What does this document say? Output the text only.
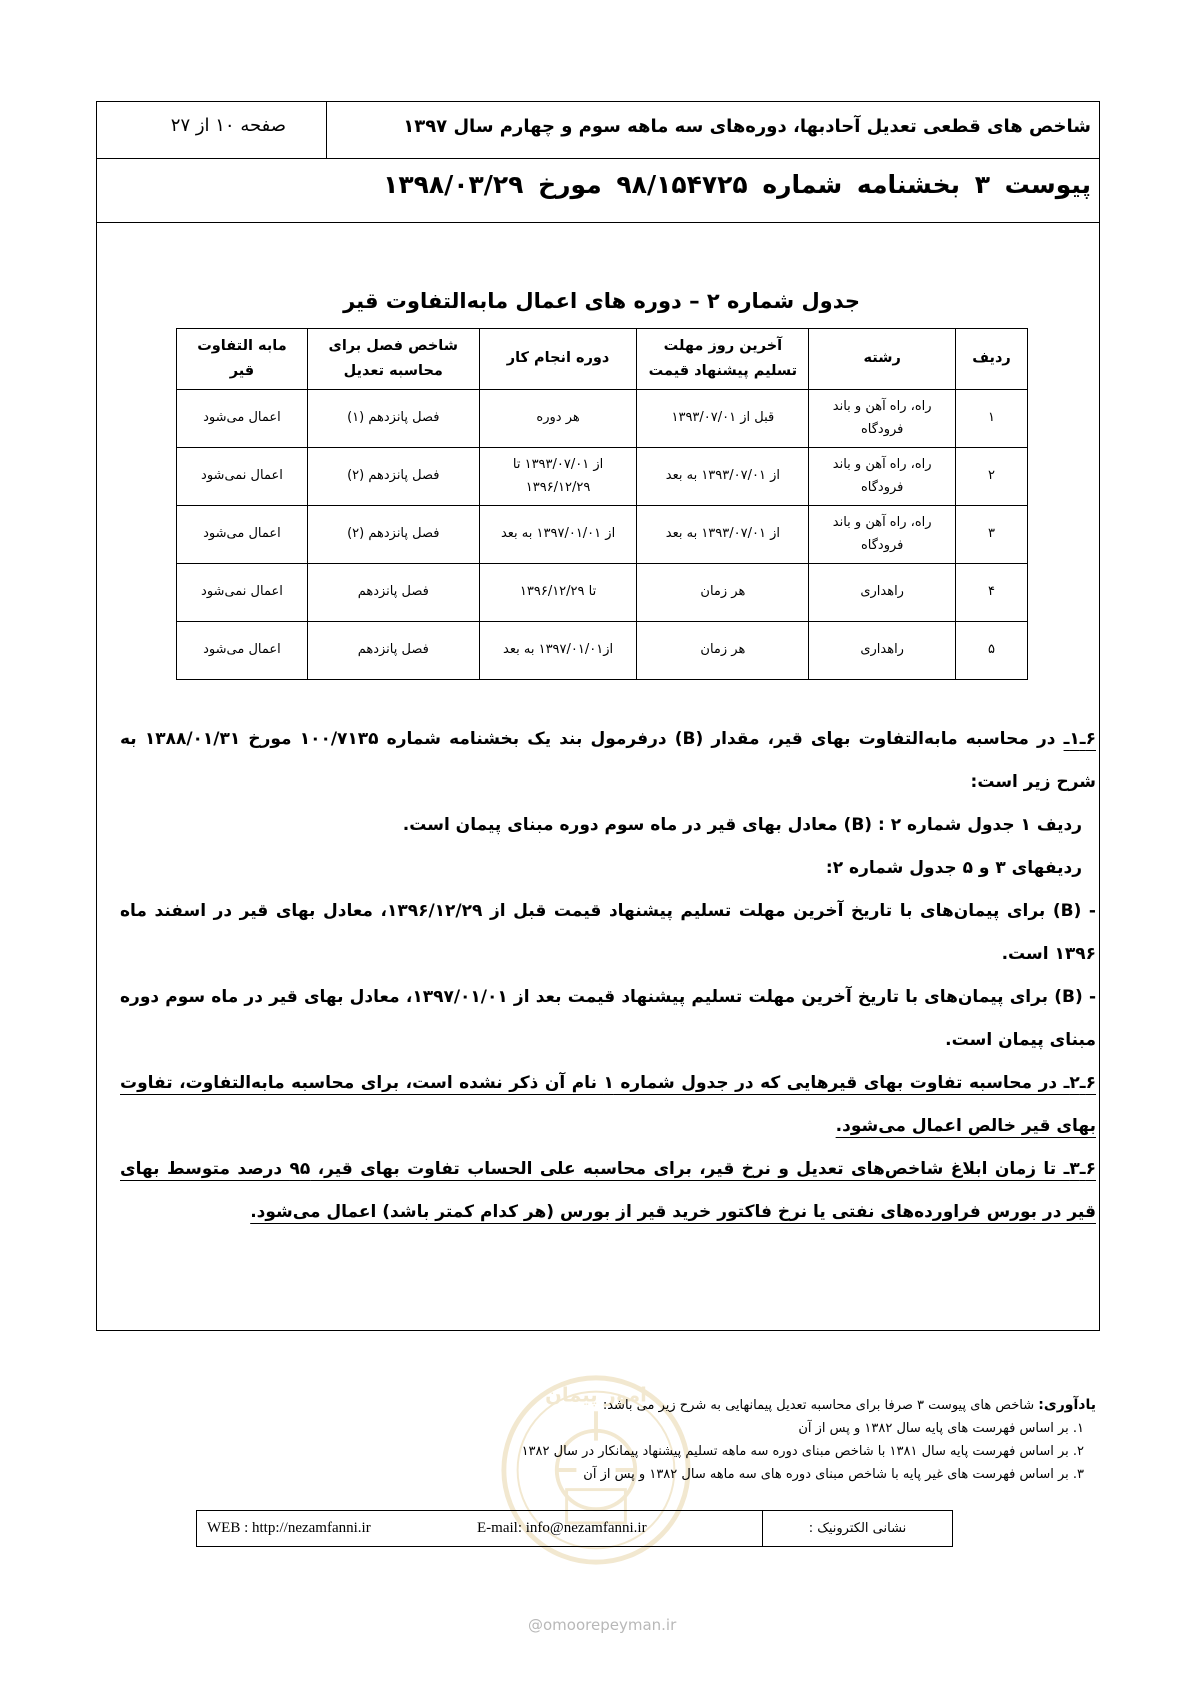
شاخص های قطعی تعدیل آحادبها، دوره‌های سه ماهه سوم و چهارم سال ۱۳۹۷
صفحه ۱۰ از ۲۷
پیوست ۳ بخشنامه شماره ۹۸/۱۵۴۷۲۵ مورخ ۱۳۹۸/۰۳/۲۹
جدول شماره ۲ – دوره های اعمال مابه‌التفاوت قیر
ردیف	رشته	آخرین روز مهلت تسلیم پیشنهاد قیمت	دوره انجام کار	شاخص فصل برای محاسبه تعدیل	مابه التفاوت قیر
۱	راه، راه آهن و باند فرودگاه	قبل از ۱۳۹۳/۰۷/۰۱	هر دوره	فصل پانزدهم (۱)	اعمال می‌شود
۲	راه، راه آهن و باند فرودگاه	از ۱۳۹۳/۰۷/۰۱ به بعد	از ۱۳۹۳/۰۷/۰۱ تا ۱۳۹۶/۱۲/۲۹	فصل پانزدهم (۲)	اعمال نمی‌شود
۳	راه، راه آهن و باند فرودگاه	از ۱۳۹۳/۰۷/۰۱ به بعد	از ۱۳۹۷/۰۱/۰۱ به بعد	فصل پانزدهم (۲)	اعمال می‌شود
۴	راهداری	هر زمان	تا ۱۳۹۶/۱۲/۲۹	فصل پانزدهم	اعمال نمی‌شود
۵	راهداری	هر زمان	از۱۳۹۷/۰۱/۰۱ به بعد	فصل پانزدهم	اعمال می‌شود

۶ـ۱ـ در محاسبه مابه‌التفاوت بهای قیر، مقدار (B) درفرمول بند یک بخشنامه شماره ۱۰۰/۷۱۳۵ مورخ ۱۳۸۸/۰۱/۳۱ به شرح زیر است:

ردیف ۱ جدول شماره ۲ : (B) معادل بهای قیر در ماه سوم دوره مبنای پیمان است.

ردیفهای ۳ و ۵ جدول شماره ۲:

- (B) برای پیمان‌های با تاریخ آخرین مهلت تسلیم پیشنهاد قیمت قبل از ۱۳۹۶/۱۲/۲۹، معادل بهای قیر در اسفند ماه ۱۳۹۶ است.

- (B) برای پیمان‌های با تاریخ آخرین مهلت تسلیم پیشنهاد قیمت بعد از ۱۳۹۷/۰۱/۰۱، معادل بهای قیر در ماه سوم دوره مبنای پیمان است.

۶ـ۲ـ در محاسبه تفاوت بهای قیرهایی که در جدول شماره ۱ نام آن ذکر نشده است، برای محاسبه مابه‌التفاوت، تفاوت بهای قیر خالص اعمال می‌شود.

۶ـ۳ـ تا زمان ابلاغ شاخص‌های تعدیل و نرخ قیر، برای محاسبه علی الحساب تفاوت بهای قیر، ۹۵ درصد متوسط بهای قیر در بورس فراورده‌های نفتی یا نرخ فاکتور خرید قیر از بورس (هر کدام کمتر باشد) اعمال می‌شود.

امور پیمان	یادآوری: شاخص های پیوست ۳ صرفا برای محاسبه تعدیل پیمانهایی به شرح زیر می باشد:

۱. بر اساس فهرست های پایه سال ۱۳۸۲ و پس از آن

۲. بر اساس فهرست پایه سال ۱۳۸۱ با شاخص مبنای دوره سه ماهه تسلیم پیشنهاد پیمانکار در سال ۱۳۸۲

۳. بر اساس فهرست های غیر پایه با شاخص مبنای دوره های سه ماهه سال ۱۳۸۲ و پس از آن

نشانی الکترونیک :
E-mail: info@nezamfanni.ir
WEB : http://nezamfanni.ir
@omoorepeyman.ir
